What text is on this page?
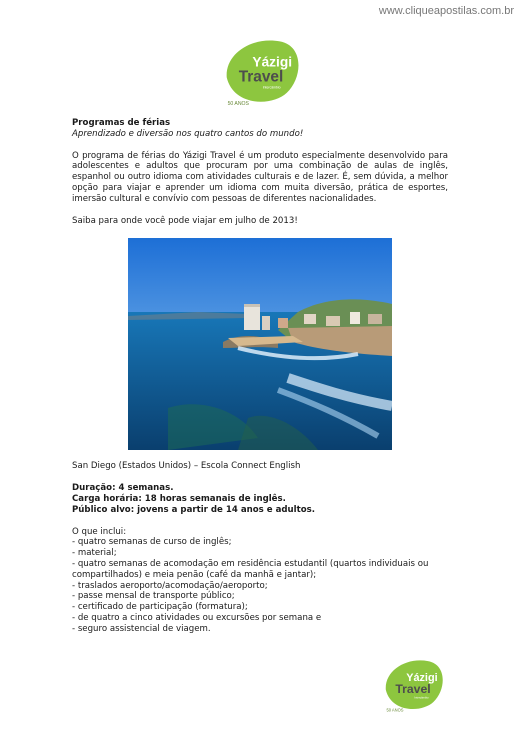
www.cliqueapostilas.com.br
Yázigi
Travel
Intercâmbio
50 ANOS

Programas de férias

Aprendizado e diversão nos quatro cantos do mundo!

O programa de férias do Yázigi Travel é um produto especialmente desenvolvido para adolescentes e adultos que procuram por uma combinação de aulas de inglês, espanhol ou outro idioma com atividades culturais e de lazer. É, sem dúvida, a melhor opção para viajar e aprender um idioma com muita diversão, prática de esportes, imersão cultural e convívio com pessoas de diferentes nacionalidades.

Saiba para onde você pode viajar em julho de 2013!

San Diego (Estados Unidos) – Escola Connect English

Duração: 4 semanas.

Carga horária: 18 horas semanais de inglês.

Público alvo: jovens a partir de 14 anos e adultos.

O que inclui:

- quatro semanas de curso de inglês;
- material;
- quatro semanas de acomodação em residência estudantil (quartos individuais ou compartilhados) e meia penão (café da manhã e jantar);
- traslados aeroporto/acomodação/aeroporto;
- passe mensal de transporte público;
- certificado de participação (formatura);
- de quatro a cinco atividades ou excursões por semana e
- seguro assistencial de viagem.
Yázigi
Travel
Intercâmbio
50 ANOS
